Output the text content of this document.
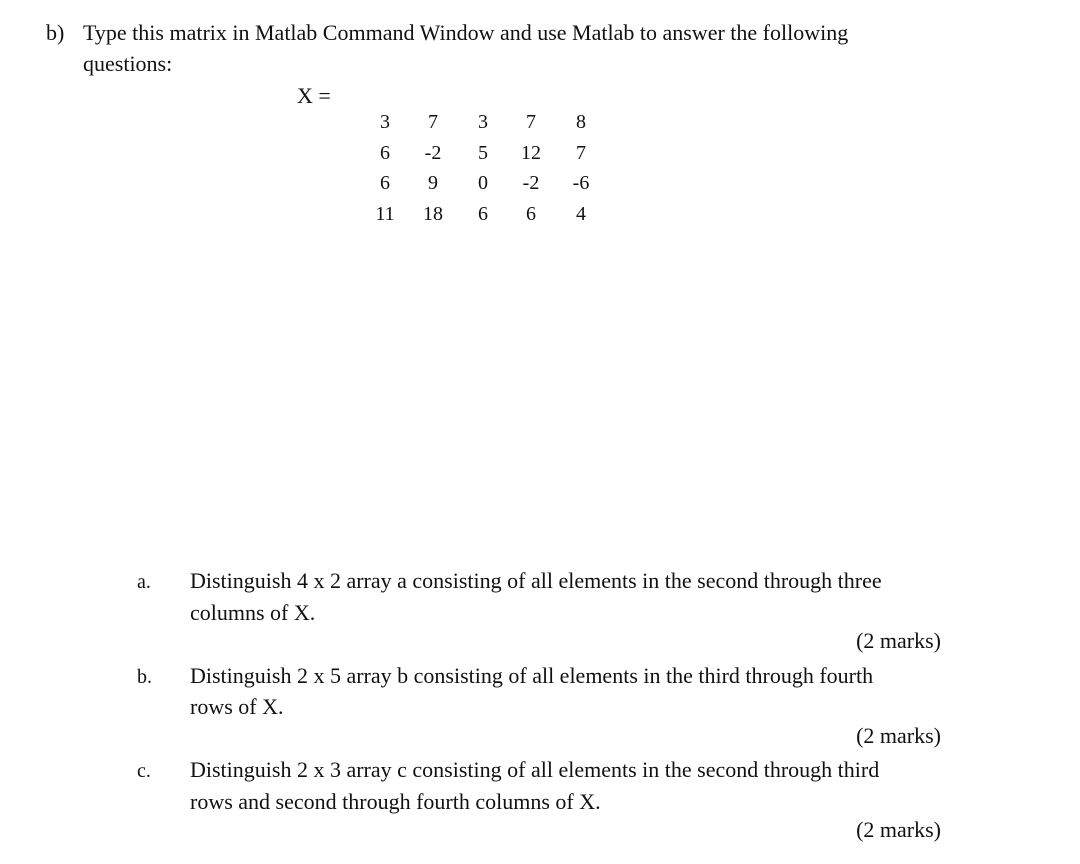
b) Type this matrix in Matlab Command Window and use Matlab to answer the following
questions:
X =
3	7	3	7	8
6	-2	5	12	7
6	9	0	-2	-6
11	18	6	6	4
a. Distinguish 4 x 2 array a consisting of all elements in the second through three
columns of X.
(2 marks)
b. Distinguish 2 x 5 array b consisting of all elements in the third through fourth
rows of X.
(2 marks)
c. Distinguish 2 x 3 array c consisting of all elements in the second through third
rows and second through fourth columns of X.
(2 marks)
